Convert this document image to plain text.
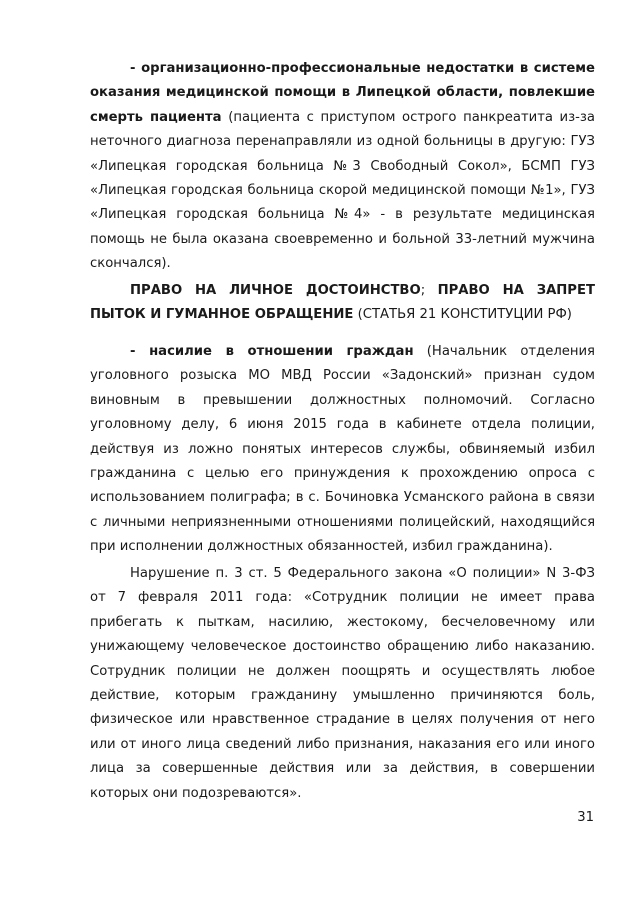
- организационно-профессиональные недостатки в системе оказания медицинской помощи в Липецкой области, повлекшие смерть пациента (пациента с приступом острого панкреатита из-за неточного диагноза перенаправляли из одной больницы в другую: ГУЗ «Липецкая городская больница №3 Свободный Сокол», БСМП ГУЗ «Липецкая городская больница скорой медицинской помощи №1», ГУЗ «Липецкая городская больница №4» - в результате медицинская помощь не была оказана своевременно и больной 33-летний мужчина скончался).

ПРАВО НА ЛИЧНОЕ ДОСТОИНСТВО; ПРАВО НА ЗАПРЕТ ПЫТОК И ГУМАННОЕ ОБРАЩЕНИЕ (СТАТЬЯ 21 КОНСТИТУЦИИ РФ)

- насилие в отношении граждан (Начальник отделения уголовного розыска МО МВД России «Задонский» признан судом виновным в превышении должностных полномочий. Согласно уголовному делу, 6 июня 2015 года в кабинете отдела полиции, действуя из ложно понятых интересов службы, обвиняемый избил гражданина с целью его принуждения к прохождению опроса с использованием полиграфа; в с. Бочиновка Усманского района в связи с личными неприязненными отношениями полицейский, находящийся при исполнении должностных обязанностей, избил гражданина).

Нарушение п. 3 ст. 5 Федерального закона «О полиции» N 3-ФЗ от 7 февраля 2011 года: «Сотрудник полиции не имеет права прибегать к пыткам, насилию, жестокому, бесчеловечному или унижающему человеческое достоинство обращению либо наказанию. Сотрудник полиции не должен поощрять и осуществлять любое действие, которым гражданину умышленно причиняются боль, физическое или нравственное страдание в целях получения от него или от иного лица сведений либо признания, наказания его или иного лица за совершенные действия или за действия, в совершении которых они подозреваются».

31
